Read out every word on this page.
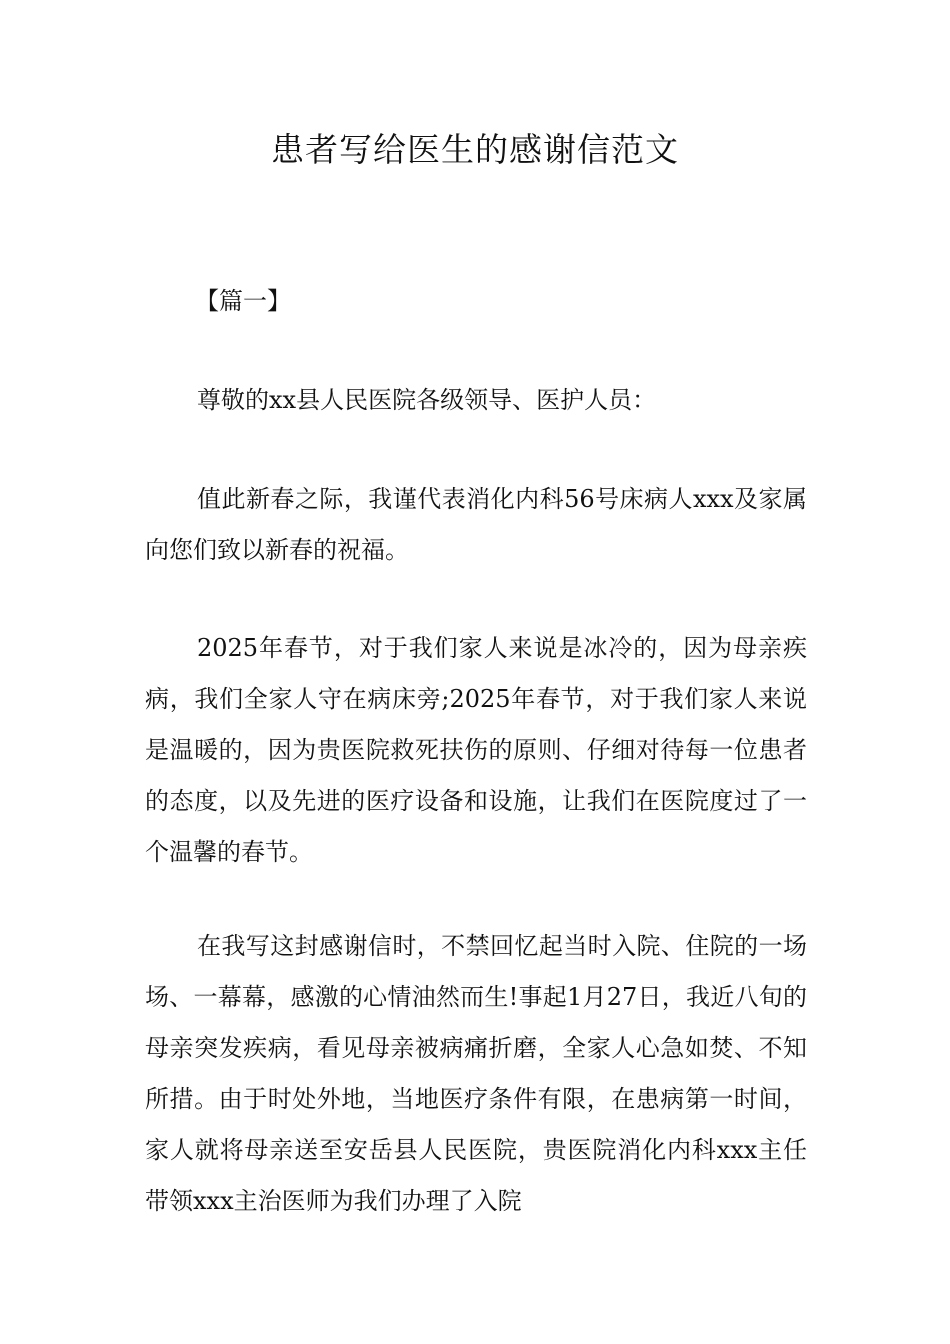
患者写给医生的感谢信范文

【篇一】

尊敬的xx县人民医院各级领导、医护人员：

值此新春之际，我谨代表消化内科56号床病人xxx及家属向您们致以新春的祝福。

2025年春节，对于我们家人来说是冰冷的，因为母亲疾病，我们全家人守在病床旁;2025年春节，对于我们家人来说是温暖的，因为贵医院救死扶伤的原则、仔细对待每一位患者的态度，以及先进的医疗设备和设施，让我们在医院度过了一个温馨的春节。

在我写这封感谢信时，不禁回忆起当时入院、住院的一场场、一幕幕，感激的心情油然而生!事起1月27日，我近八旬的母亲突发疾病，看见母亲被病痛折磨，全家人心急如焚、不知所措。由于时处外地，当地医疗条件有限，在患病第一时间，家人就将母亲送至安岳县人民医院，贵医院消化内科xxx主任带领xxx主治医师为我们办理了入院
